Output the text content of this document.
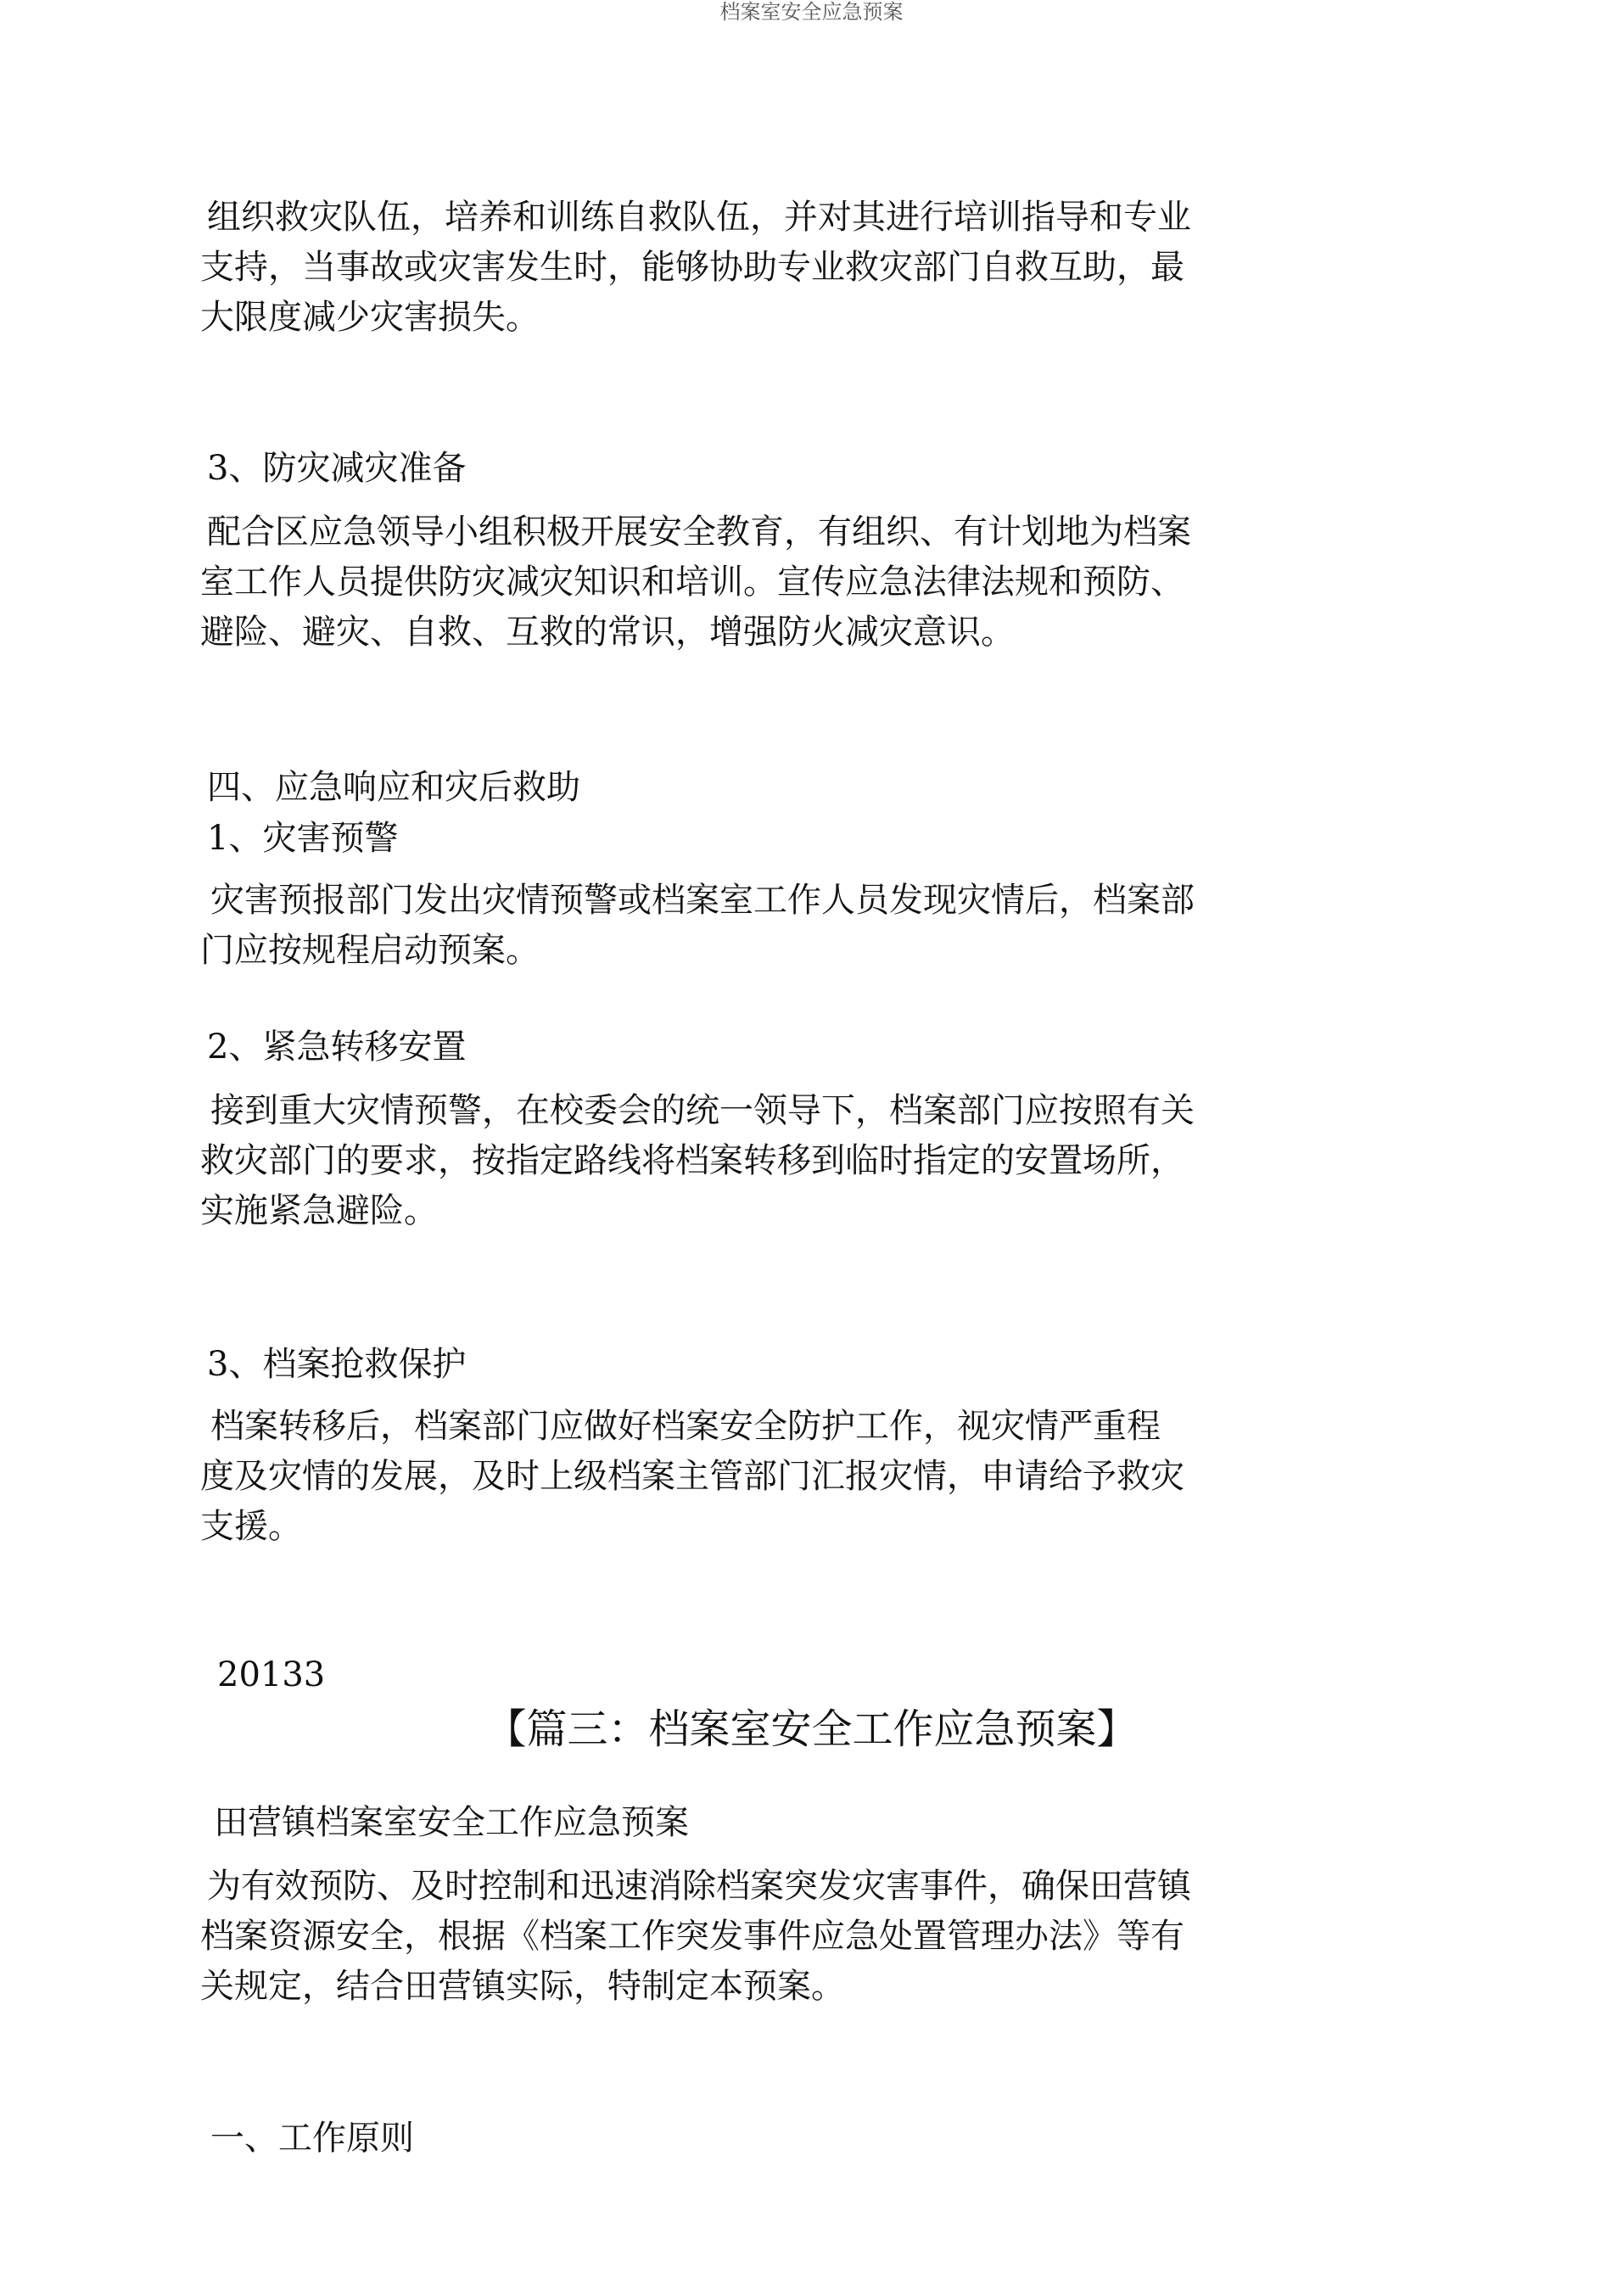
档案室安全应急预案
组织救灾队伍，培养和训练自救队伍，并对其进行培训指导和专业
支持，当事故或灾害发生时，能够协助专业救灾部门自救互助，最
大限度减少灾害损失。
3、防灾减灾准备
配合区应急领导小组积极开展安全教育，有组织、有计划地为档案
室工作人员提供防灾减灾知识和培训。宣传应急法律法规和预防、
避险、避灾、自救、互救的常识，增强防火减灾意识。
四、应急响应和灾后救助
1、灾害预警
灾害预报部门发出灾情预警或档案室工作人员发现灾情后，档案部
门应按规程启动预案。
2、紧急转移安置
接到重大灾情预警，在校委会的统一领导下，档案部门应按照有关
救灾部门的要求，按指定路线将档案转移到临时指定的安置场所，
实施紧急避险。
3、档案抢救保护
档案转移后，档案部门应做好档案安全防护工作，视灾情严重程
度及灾情的发展，及时上级档案主管部门汇报灾情，申请给予救灾
支援。
20133
【篇三：档案室安全工作应急预案】
田营镇档案室安全工作应急预案
为有效预防、及时控制和迅速消除档案突发灾害事件，确保田营镇
档案资源安全，根据《档案工作突发事件应急处置管理办法》等有
关规定，结合田营镇实际，特制定本预案。
一、工作原则
